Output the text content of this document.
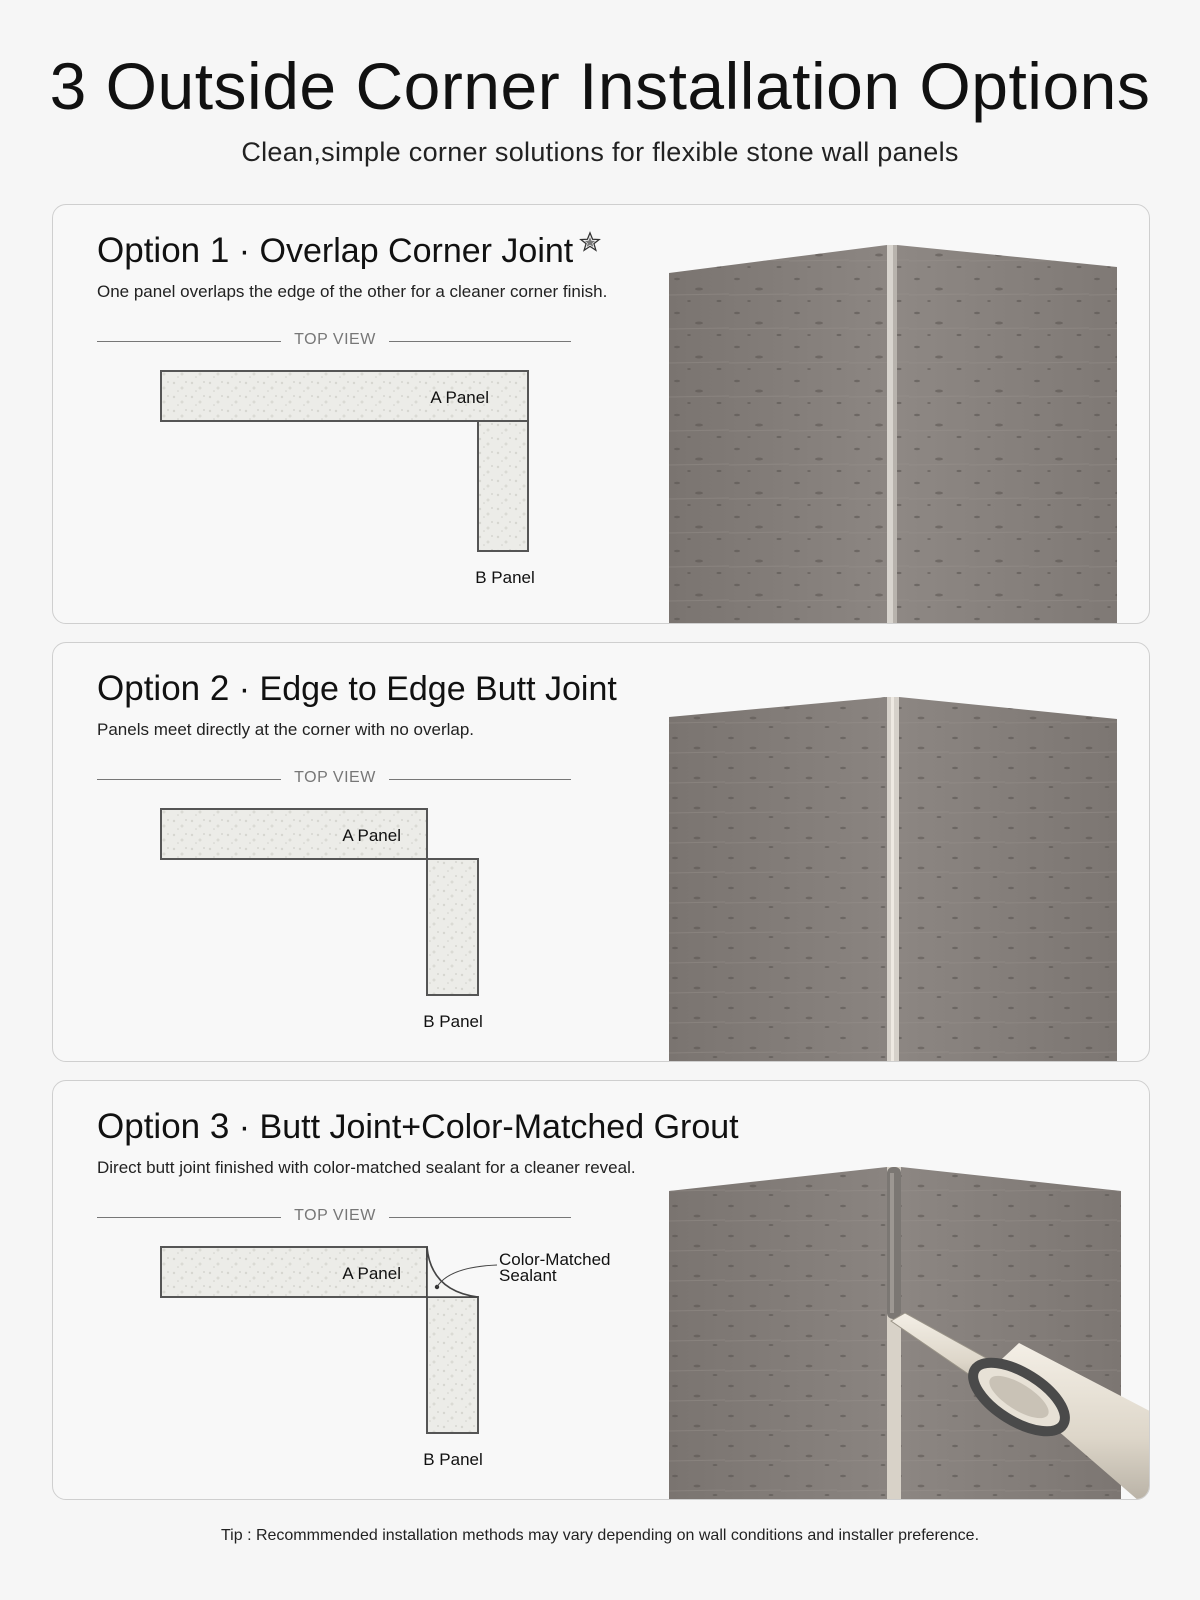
3 Outside Corner Installation Options
Clean,simple corner solutions for flexible stone wall panels
Option 1 · Overlap Corner Joint
One panel overlaps the edge of the other for a cleaner corner finish.
TOP VIEW
A Panel
B Panel
Option 2 · Edge to Edge Butt Joint
Panels meet directly at the corner with no overlap.
TOP VIEW
A Panel
B Panel
Option 3 · Butt Joint+Color-Matched Grout
Direct butt joint finished with color-matched sealant for a cleaner reveal.
TOP VIEW
A Panel
Color-Matched
Sealant
B Panel
Tip : Recommmended installation methods may vary depending on wall conditions and installer preference.
